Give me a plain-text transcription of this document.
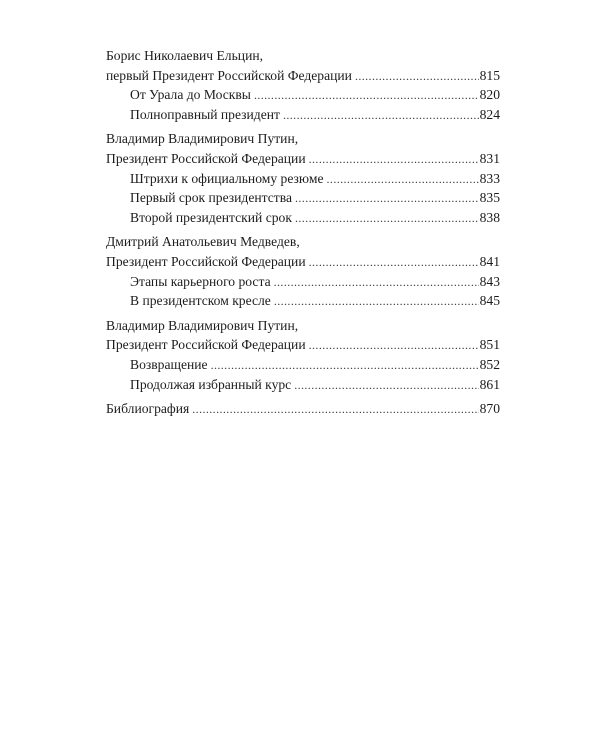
Борис Николаевич Ельцин,
первый Президент Российской Федерации .....	815
От Урала до Москвы .....	820
Полноправный президент .....	824
Владимир Владимирович Путин,
Президент Российской Федерации .....	831
Штрихи к официальному резюме .....	833
Первый срок президентства .....	835
Второй президентский срок .....	838
Дмитрий Анатольевич Медведев,
Президент Российской Федерации .....	841
Этапы карьерного роста .....	843
В президентском кресле .....	845
Владимир Владимирович Путин,
Президент Российской Федерации .....	851
Возвращение .....	852
Продолжая избранный курс .....	861
Библиография .....	870
